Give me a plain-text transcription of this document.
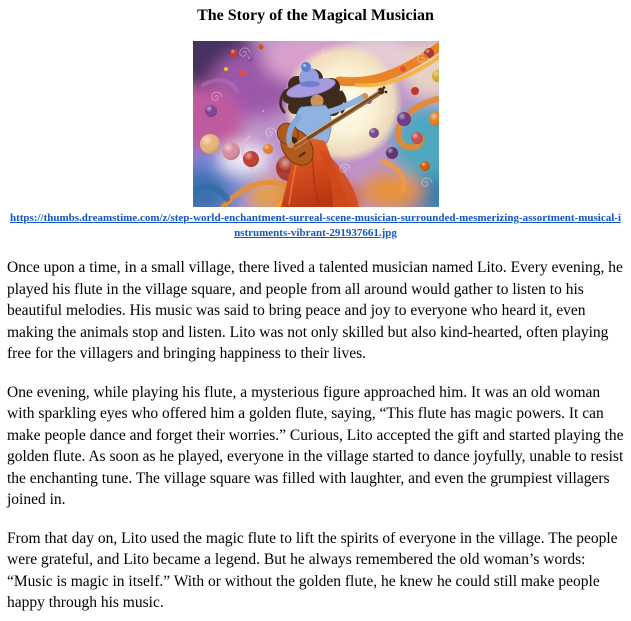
The Story of the Magical Musician

https://thumbs.dreamstime.com/z/step-world-enchantment-surreal-scene-musician-surrounded-mesmerizing-assortment-musical-instruments-vibrant-291937661.jpg

Once upon a time, in a small village, there lived a talented musician named Lito. Every evening, he played his flute in the village square, and people from all around would gather to listen to his beautiful melodies. His music was said to bring peace and joy to everyone who heard it, even making the animals stop and listen. Lito was not only skilled but also kind-hearted, often playing free for the villagers and bringing happiness to their lives.

One evening, while playing his flute, a mysterious figure approached him. It was an old woman with sparkling eyes who offered him a golden flute, saying, “This flute has magic powers. It can make people dance and forget their worries.” Curious, Lito accepted the gift and started playing the golden flute. As soon as he played, everyone in the village started to dance joyfully, unable to resist the enchanting tune. The village square was filled with laughter, and even the grumpiest villagers joined in.

From that day on, Lito used the magic flute to lift the spirits of everyone in the village. The people were grateful, and Lito became a legend. But he always remembered the old woman’s words: “Music is magic in itself.” With or without the golden flute, he knew he could still make people happy through his music.
